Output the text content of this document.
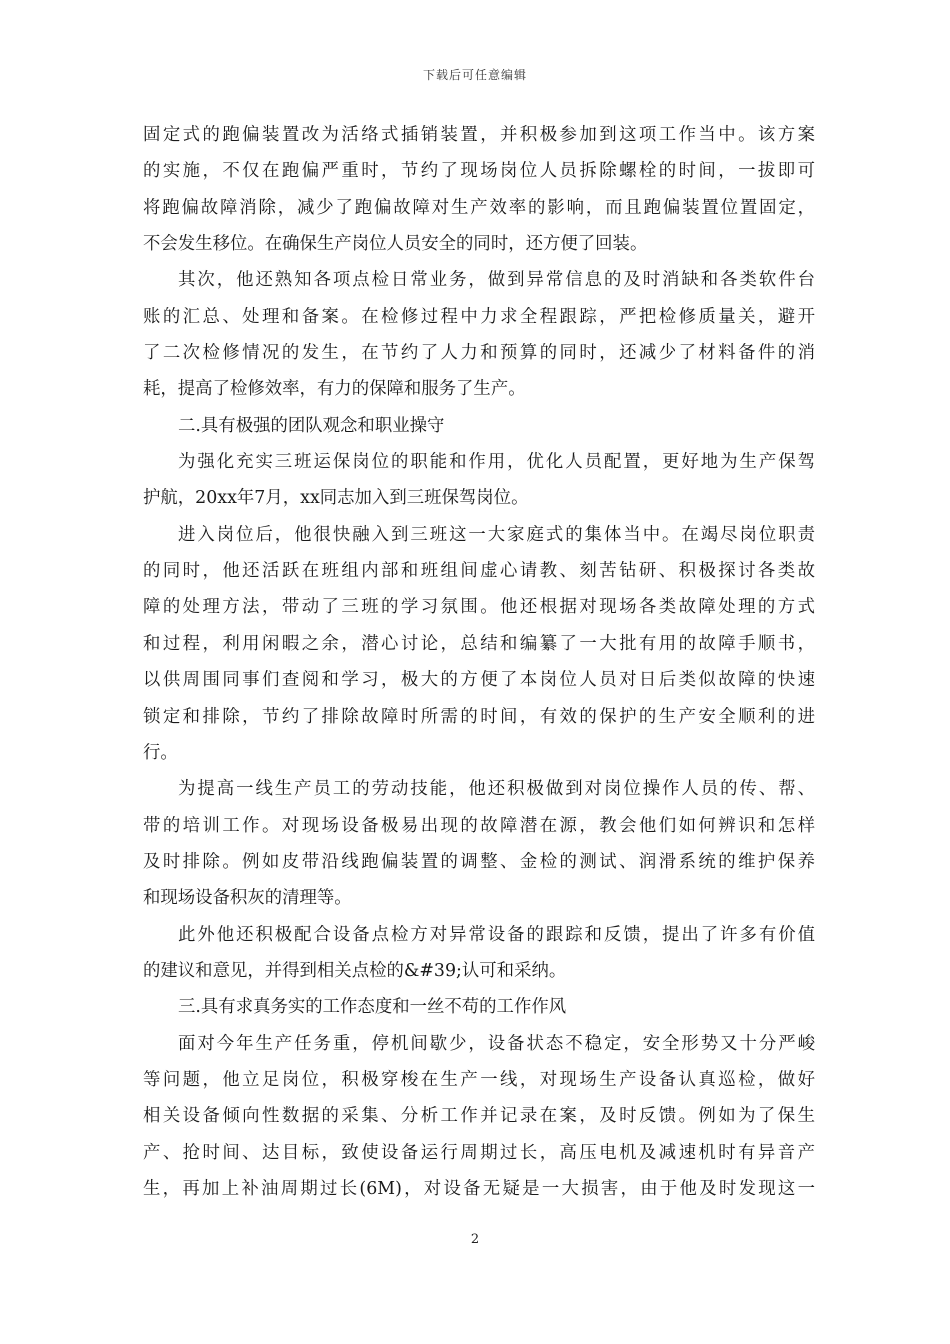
下载后可任意编辑
固定式的跑偏装置改为活络式插销装置，并积极参加到这项工作当中。该方案
的实施，不仅在跑偏严重时，节约了现场岗位人员拆除螺栓的时间，一拔即可
将跑偏故障消除，减少了跑偏故障对生产效率的影响，而且跑偏装置位置固定，
不会发生移位。在确保生产岗位人员安全的同时，还方便了回装。
其次，他还熟知各项点检日常业务，做到异常信息的及时消缺和各类软件台
账的汇总、处理和备案。在检修过程中力求全程跟踪，严把检修质量关，避开
了二次检修情况的发生，在节约了人力和预算的同时，还减少了材料备件的消
耗，提高了检修效率，有力的保障和服务了生产。
二.具有极强的团队观念和职业操守
为强化充实三班运保岗位的职能和作用，优化人员配置，更好地为生产保驾
护航，20xx年7月，xx同志加入到三班保驾岗位。
进入岗位后，他很快融入到三班这一大家庭式的集体当中。在竭尽岗位职责
的同时，他还活跃在班组内部和班组间虚心请教、刻苦钻研、积极探讨各类故
障的处理方法，带动了三班的学习氛围。他还根据对现场各类故障处理的方式
和过程，利用闲暇之余，潜心讨论，总结和编纂了一大批有用的故障手顺书，
以供周围同事们查阅和学习，极大的方便了本岗位人员对日后类似故障的快速
锁定和排除，节约了排除故障时所需的时间，有效的保护的生产安全顺利的进
行。
为提高一线生产员工的劳动技能，他还积极做到对岗位操作人员的传、帮、
带的培训工作。对现场设备极易出现的故障潜在源，教会他们如何辨识和怎样
及时排除。例如皮带沿线跑偏装置的调整、金检的测试、润滑系统的维护保养
和现场设备积灰的清理等。
此外他还积极配合设备点检方对异常设备的跟踪和反馈，提出了许多有价值
的建议和意见，并得到相关点检的&#39;认可和采纳。
三.具有求真务实的工作态度和一丝不苟的工作作风
面对今年生产任务重，停机间歇少，设备状态不稳定，安全形势又十分严峻
等问题，他立足岗位，积极穿梭在生产一线，对现场生产设备认真巡检，做好
相关设备倾向性数据的采集、分析工作并记录在案，及时反馈。例如为了保生
产、抢时间、达目标，致使设备运行周期过长，高压电机及减速机时有异音产
生，再加上补油周期过长(6M)，对设备无疑是一大损害，由于他及时发现这一
2
